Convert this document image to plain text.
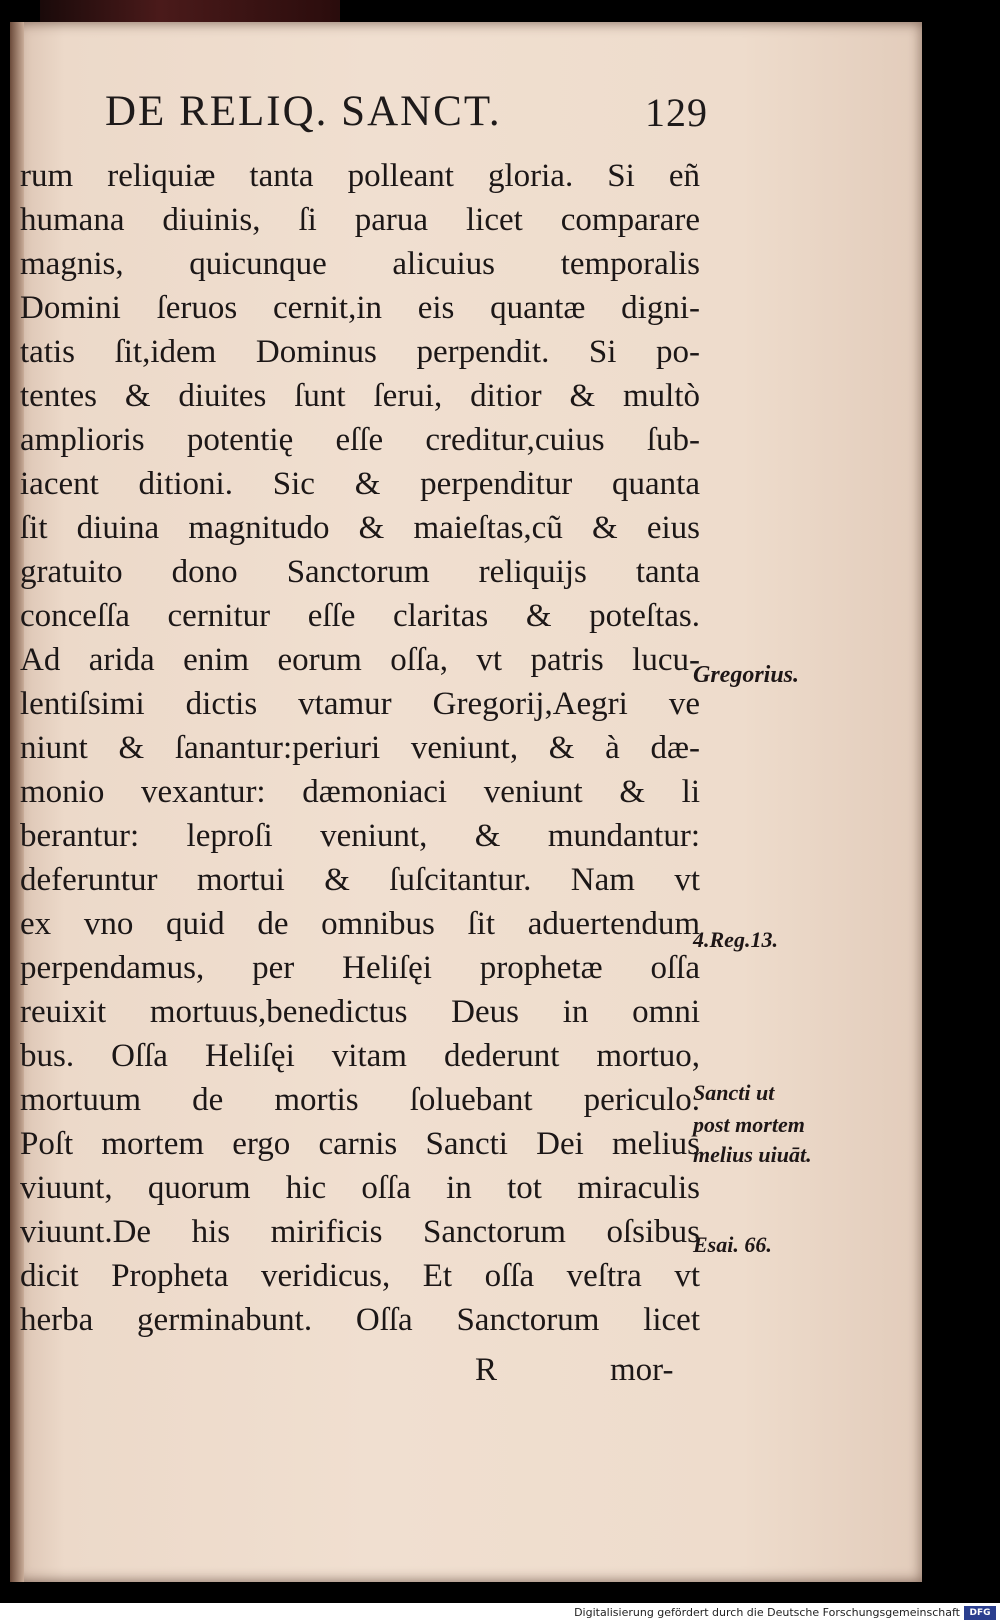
DE RELIQ. SANCT.	129
rum reliquiæ tanta polleant gloria. Si eñ
humana diuinis, ſi parua licet comparare
magnis, quicunque alicuius temporalis
Domini ſeruos cernit,in eis quantæ digni-
tatis ſit,idem Dominus perpendit. Si po-
tentes & diuites ſunt ſerui, ditior & multò
amplioris potentię eſſe creditur,cuius ſub-
iacent ditioni. Sic & perpenditur quanta
ſit diuina magnitudo & maieſtas,cũ & eius
gratuito dono Sanctorum reliquijs tanta
conceſſa cernitur eſſe claritas & poteſtas.
Ad arida enim eorum oſſa, vt patris lucu-
lentiſsimi dictis vtamur Gregorij,Aegri ve
niunt & ſanantur:periuri veniunt, & à dæ-
monio vexantur: dæmoniaci veniunt & li
berantur: leproſi veniunt, & mundantur:
deferuntur mortui & ſuſcitantur. Nam vt
ex vno quid de omnibus ſit aduertendum
perpendamus, per Heliſęi prophetæ oſſa
reuixit mortuus,benedictus Deus in omni
bus. Oſſa Heliſęi vitam dederunt mortuo,
mortuum de mortis ſoluebant periculo.
Poſt mortem ergo carnis Sancti Dei melius
viuunt, quorum hic oſſa in tot miraculis
viuunt.De his mirificis Sanctorum oſsibus
dicit Propheta veridicus, Et oſſa veſtra vt
herba germinabunt. Oſſa Sanctorum licet
R	mor-
Gregorius.
4.Reg.13.
Sancti ut
post mortem
melius uiuāt.
Esai. 66.
Digitalisierung gefördert durch die Deutsche Forschungsgemeinschaft	DFG
